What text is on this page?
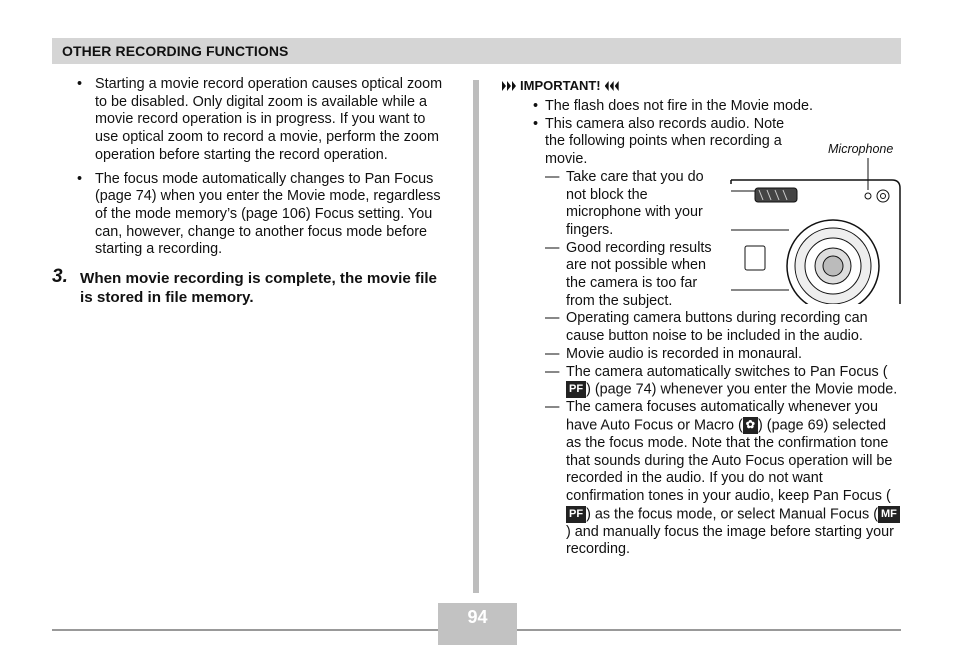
OTHER RECORDING FUNCTIONS
• Starting a movie record operation causes optical zoom to be disabled. Only digital zoom is available while a movie record operation is in progress. If you want to use optical zoom to record a movie, perform the zoom operation before starting the record operation.
• The focus mode automatically changes to Pan Focus (page 74) when you enter the Movie mode, regardless of the mode memory’s (page 106) Focus setting. You can, however, change to another focus mode before starting a recording.
3. When movie recording is complete, the movie file is stored in file memory.
IMPORTANT!
• The flash does not fire in the Movie mode.
• This camera also records audio. Note the following points when recording a movie.
— Take care that you do not block the microphone with your fingers.
— Good recording results are not possible when the camera is too far from the subject.
— Operating camera buttons during recording can cause button noise to be included in the audio.
— Movie audio is recorded in monaural.
— The camera automatically switches to Pan Focus (PF ) (page 74) whenever you enter the Movie mode.
— The camera focuses automatically whenever you have Auto Focus or Macro ( ✿ ) (page 69) selected as the focus mode. Note that the confirmation tone that sounds during the Auto Focus operation will be recorded in the audio. If you do not want confirmation tones in your audio, keep Pan Focus (PF ) as the focus mode, or select Manual Focus ( MF) and manually focus the image before starting your recording.
Microphone
94
